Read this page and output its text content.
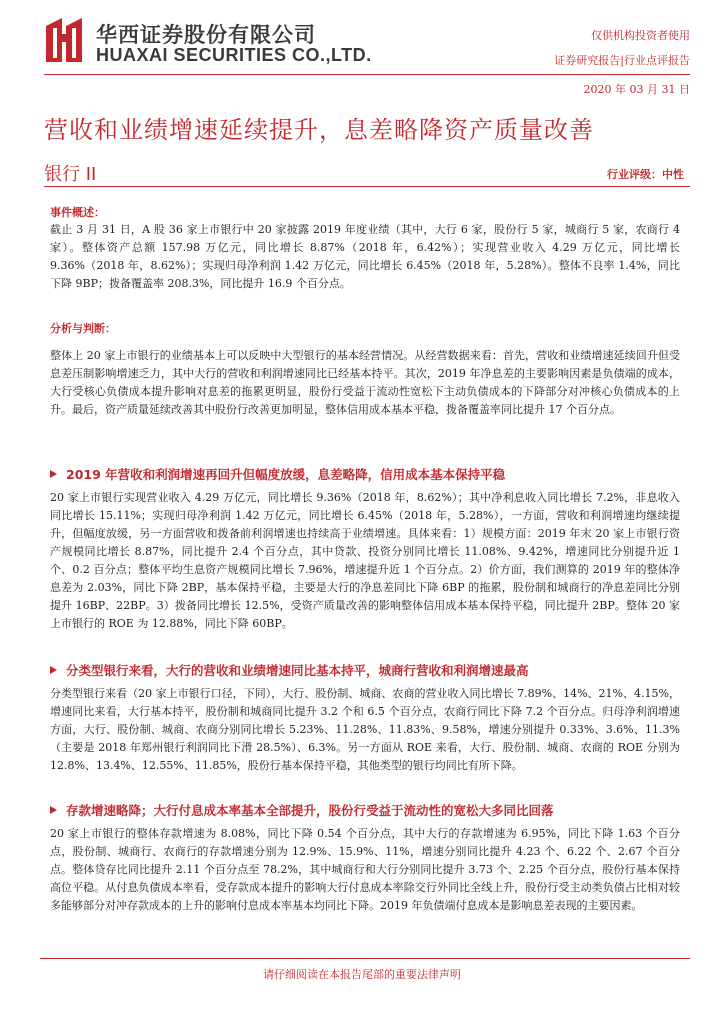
华西证券股份有限公司
HUAXAI SECURITIES CO.,LTD.
仅供机构投资者使用
证券研究报告|行业点评报告
2020 年 03 月 31 日
营收和业绩增速延续提升，息差略降资产质量改善
银行 II	行业评级：中性
事件概述：
截止 3 月 31 日，A 股 36 家上市银行中 20 家披露 2019 年度业绩（其中，大行 6 家，股份行 5 家，城商行 5 家，农商行 4 家）。整体资产总额 157.98 万亿元，同比增长 8.87%（2018 年，6.42%）；实现营业收入 4.29 万亿元，同比增长 9.36%（2018 年，8.62%）；实现归母净利润 1.42 万亿元，同比增长 6.45%（2018 年，5.28%）。整体不良率 1.4%，同比下降 9BP；拨备覆盖率 208.3%，同比提升 16.9 个百分点。
分析与判断：
整体上 20 家上市银行的业绩基本上可以反映中大型银行的基本经营情况。从经营数据来看：首先，营收和业绩增速延续回升但受息差压制影响增速乏力，其中大行的营收和利润增速同比已经基本持平。其次，2019 年净息差的主要影响因素是负债端的成本，大行受核心负债成本提升影响对息差的拖累更明显，股份行受益于流动性宽松下主动负债成本的下降部分对冲核心负债成本的上升。最后，资产质量延续改善其中股份行改善更加明显，整体信用成本基本平稳，拨备覆盖率同比提升 17 个百分点。
2019 年营收和利润增速再回升但幅度放缓，息差略降，信用成本基本保持平稳
20 家上市银行实现营业收入 4.29 万亿元，同比增长 9.36%（2018 年，8.62%）；其中净利息收入同比增长 7.2%，非息收入同比增长 15.11%；实现归母净利润 1.42 万亿元，同比增长 6.45%（2018 年，5.28%），一方面，营收和利润增速均继续提升，但幅度放缓，另一方面营收和拨备前利润增速也持续高于业绩增速。具体来看：1）规模方面：2019 年末 20 家上市银行资产规模同比增长 8.87%，同比提升 2.4 个百分点，其中贷款、投资分别同比增长 11.08%、9.42%，增速同比分别提升近 1 个、0.2 百分点；整体平均生息资产规模同比增长 7.96%，增速提升近 1 个百分点。2）价方面，我们测算的 2019 年的整体净息差为 2.03%，同比下降 2BP，基本保持平稳，主要是大行的净息差同比下降 6BP 的拖累，股份制和城商行的净息差同比分别提升 16BP、22BP。3）拨备同比增长 12.5%，受资产质量改善的影响整体信用成本基本保持平稳，同比提升 2BP。整体 20 家上市银行的 ROE 为 12.88%，同比下降 60BP。
分类型银行来看，大行的营收和业绩增速同比基本持平，城商行营收和利润增速最高
分类型银行来看（20 家上市银行口径，下同），大行、股份制、城商、农商的营业收入同比增长 7.89%、14%、21%、4.15%，增速同比来看，大行基本持平，股份制和城商同比提升 3.2 个和 6.5 个百分点，农商行同比下降 7.2 个百分点。归母净利润增速方面，大行、股份制、城商、农商分别同比增长 5.23%、11.28%、11.83%、9.58%，增速分别提升 0.33%、3.6%、11.3%（主要是 2018 年郑州银行利润同比下滑 28.5%）、6.3%。另一方面从 ROE 来看，大行、股份制、城商、农商的 ROE 分别为 12.8%、13.4%、12.55%、11.85%，股份行基本保持平稳，其他类型的银行均同比有所下降。
存款增速略降；大行付息成本率基本全部提升，股份行受益于流动性的宽松大多同比回落
20 家上市银行的整体存款增速为 8.08%，同比下降 0.54 个百分点，其中大行的存款增速为 6.95%，同比下降 1.63 个百分点，股份制、城商行、农商行的存款增速分别为 12.9%、15.9%、11%，增速分别同比提升 4.23 个、6.22 个、2.67 个百分点。整体贷存比同比提升 2.11 个百分点至 78.2%，其中城商行和大行分别同比提升 3.73 个、2.25 个百分点，股份行基本保持高位平稳。从付息负债成本率看，受存款成本提升的影响大行付息成本率除交行外同比全线上升，股份行受主动类负债占比相对较多能够部分对冲存款成本的上升的影响付息成本率基本均同比下降。2019 年负债端付息成本是影响息差表现的主要因素。
请仔细阅读在本报告尾部的重要法律声明
